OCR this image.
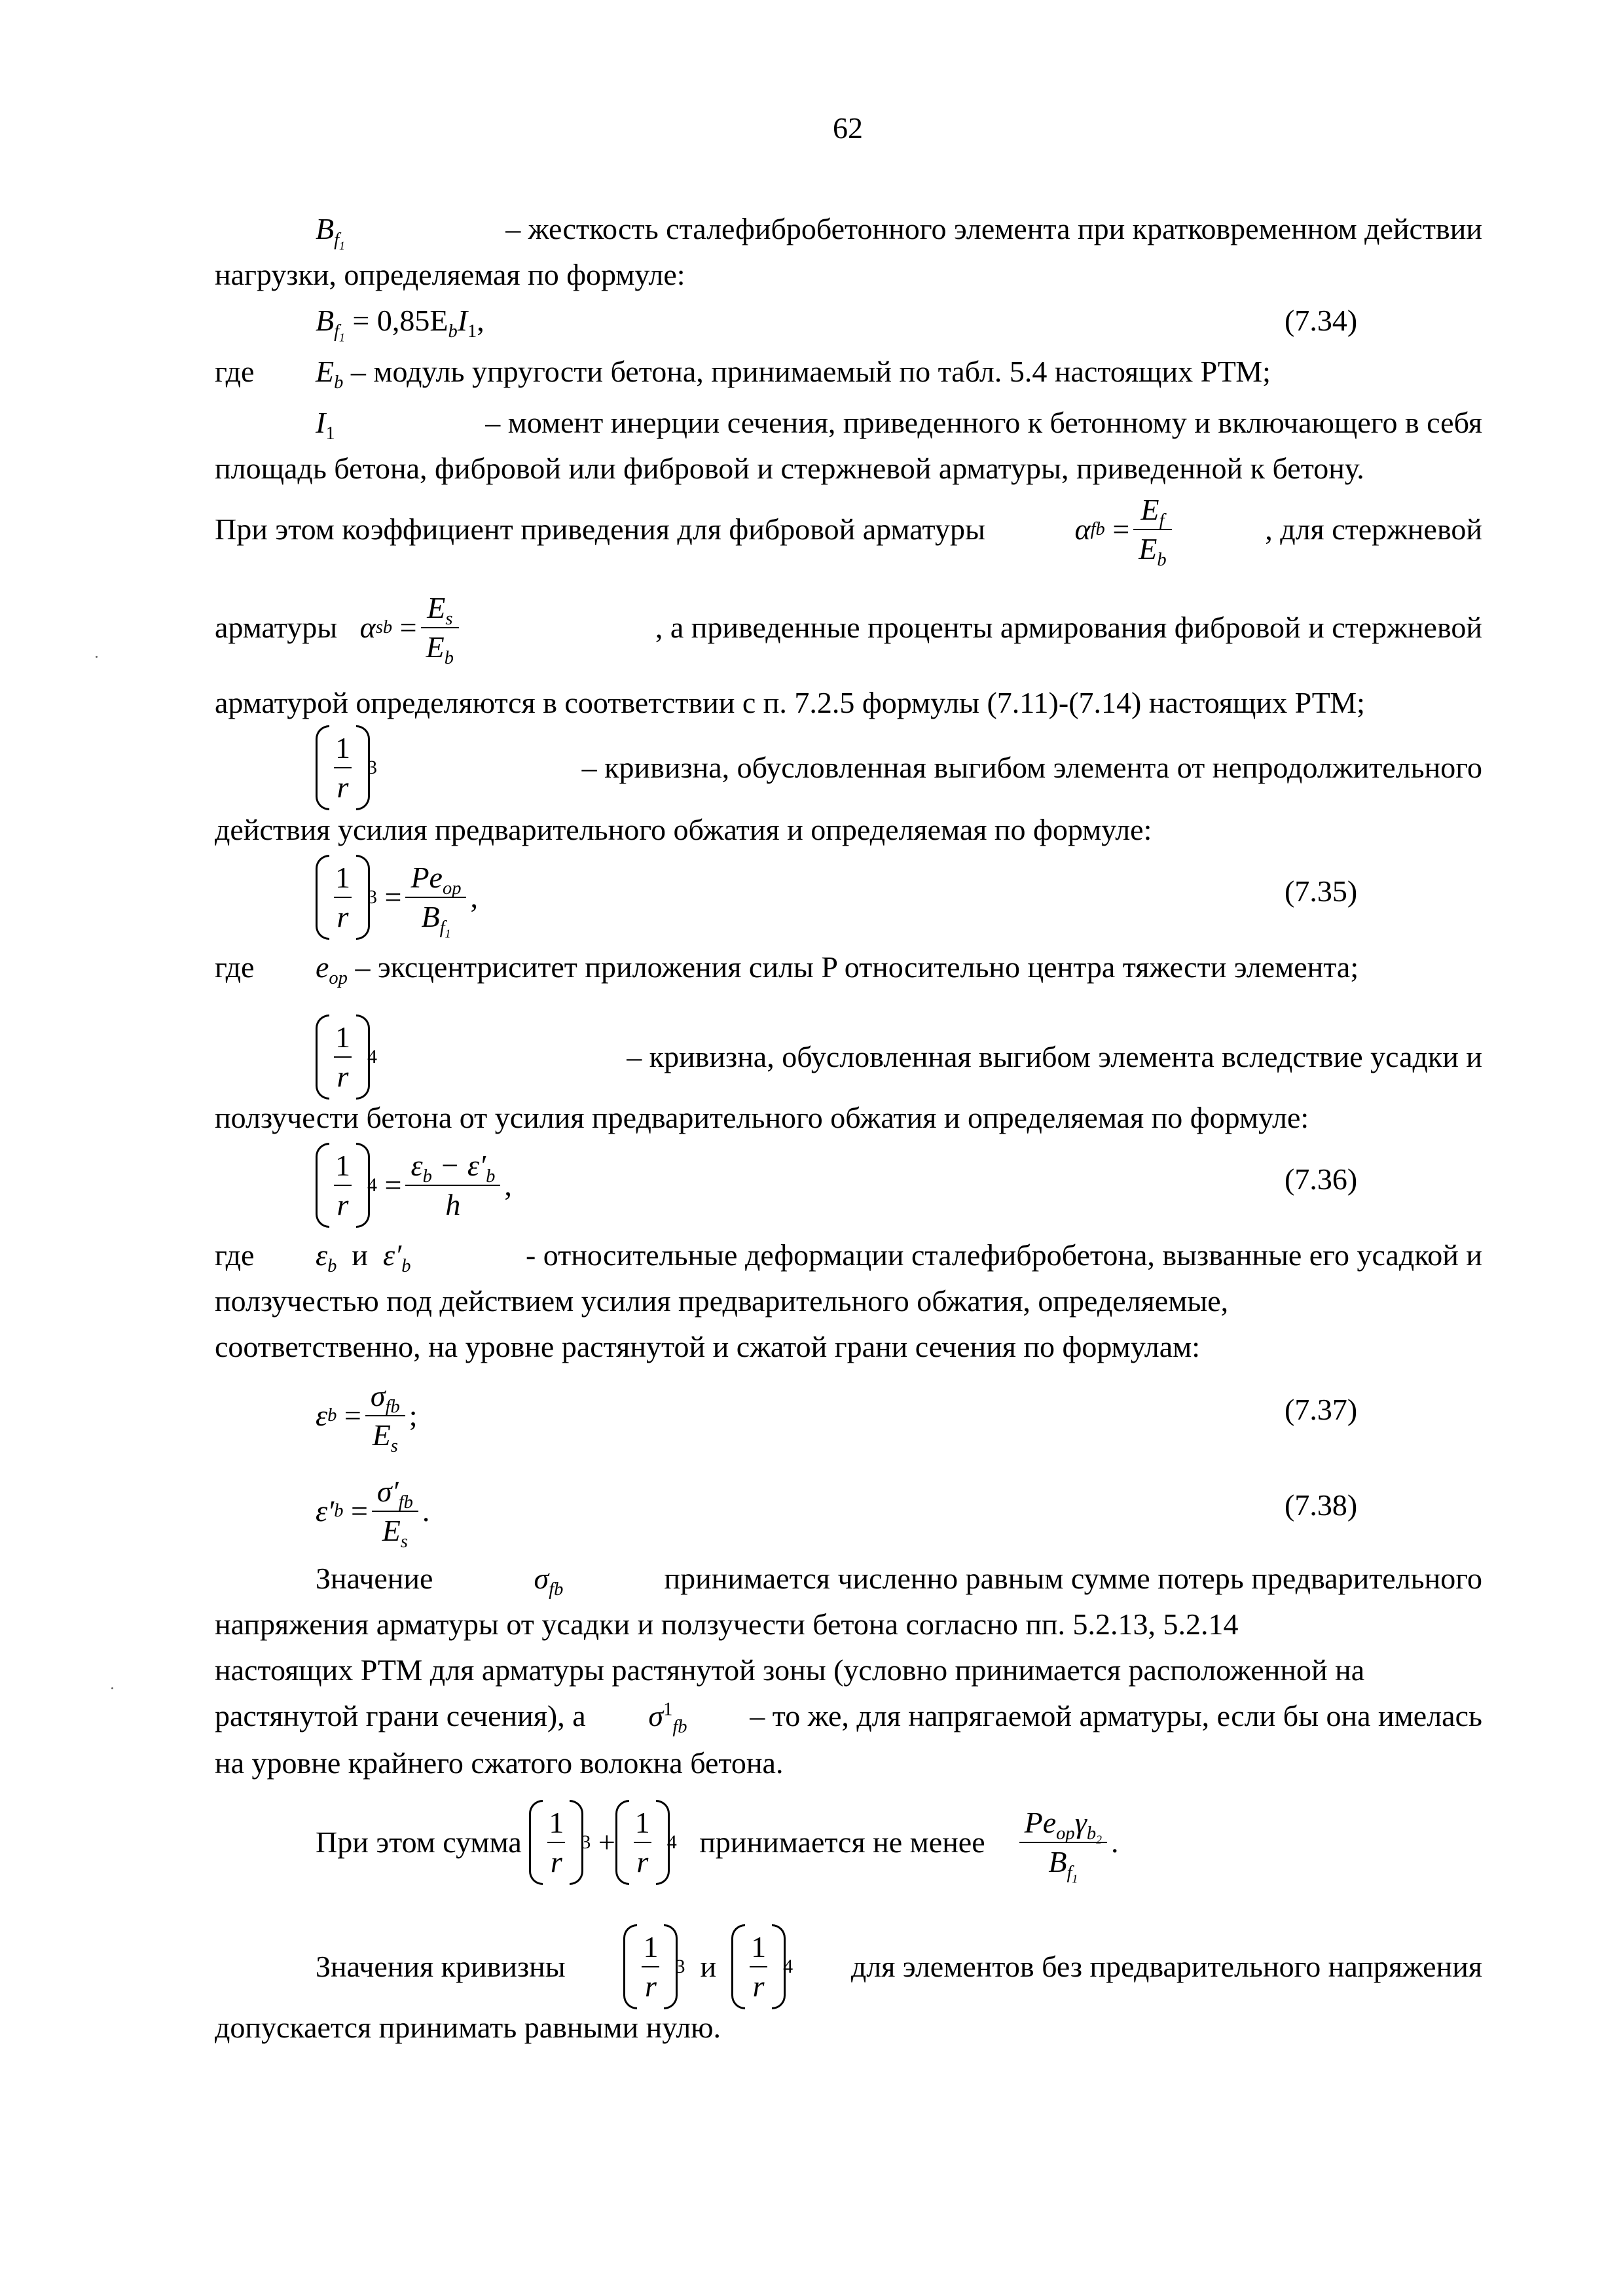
62
$B_{f_1}$
– жесткость сталефибробетонного элемента при кратковременном действии
нагрузки, определяемая по формуле:
$B_{f_1} = 0,85E_bI_1$,	(7.34)
где $E_b$ – модуль упругости бетона, принимаемый по табл. 5.4 настоящих РТМ;
$I_1$	– момент инерции сечения, приведенного к бетонному и включающего в себя
площадь бетона, фибровой или фибровой и стержневой арматуры, приведенной к бетону.
При этом коэффициент приведения для фибровой арматуры	α fb = $\frac{E_f}{E_b}$	, для стержневой
арматуры
α sb = $\frac{E_s}{E_b}$	, а приведенные проценты армирования фибровой и стержневой
арматурой определяются в соответствии с п. 7.2.5 формулы (7.11)-(7.14) настоящих РТМ;
$\frac{1}{r} 3$	– кривизна, обусловленная выгибом элемента от непродолжительного
действия усилия предварительного обжатия и определяемая по формуле:
$\frac{1}{r} 3 = \frac{Pe_{op}}{B_{f_1}}$ ,	(7.35)
где $e_{op}$ – эксцентриситет приложения силы P относительно центра тяжести элемента;
$\frac{1}{r} 4$	– кривизна, обусловленная выгибом элемента вследствие усадки и
ползучести бетона от усилия предварительного обжатия и определяемая по формуле:
$\frac{1}{r} 4 = \frac{\varepsilon_b - \varepsilon'_b}{h}$ ,	(7.36)
где $\varepsilon_b$ и $\varepsilon'_b$	- относительные деформации сталефибробетона, вызванные его усадкой и
ползучестью под действием усилия предварительного обжатия, определяемые,
соответственно, на уровне растянутой и сжатой грани сечения по формулам:
ε $b = \frac{\sigma_{fb}}{E_s}$ ;	(7.37)
ε′ $b = \frac{\sigma'_{fb}}{E_s}$ .	(7.38)
Значение	$\sigma_{fb}$	принимается численно равным сумме потерь предварительного
напряжения арматуры от усадки и ползучести бетона согласно пп. 5.2.13, 5.2.14
настоящих РТМ для арматуры растянутой зоны (условно принимается расположенной на
растянутой грани сечения), а $\sigma^1_{fb}$ – то же, для напрягаемой арматуры, если бы она имелась
на уровне крайнего сжатого волокна бетона.
При этом сумма
$\frac{1}{r} 3$
+ $\frac{1}{r} 4$
принимается не менее
$\frac{Pe_{op}\gamma_{b_2}}{B_{f_1}}$ .
Значения кривизны	$\frac{1}{r} 3$
и
$\frac{1}{r} 4$ для элементов без предварительного напряжения
допускается принимать равными нулю.
